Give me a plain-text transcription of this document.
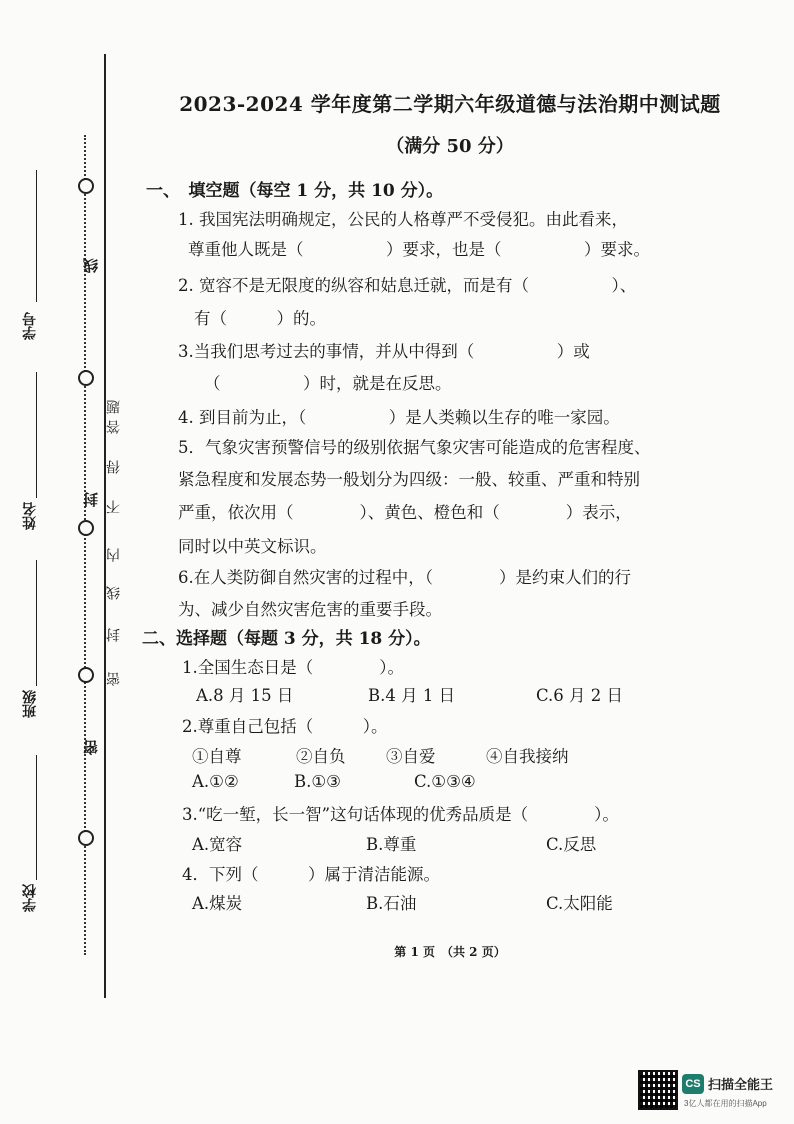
线
封
密
题
答
得
不
内
线
封
密
学号
姓名
班级
学校
2023-2024 学年度第二学期六年级道德与法治期中测试题
（满分 50 分）
一、　填空题（每空 1 分，共 10 分）。
1. 我国宪法明确规定，公民的人格尊严不受侵犯。由此看来，
尊重他人既是（　　　　　）要求，也是（　　　　　）要求。
2. 宽容不是无限度的纵容和姑息迁就，而是有（　　　　　）、
有（　　　）的。
3.当我们思考过去的事情，并从中得到（　　　　　）或
（　　　　　）时，就是在反思。
4. 到目前为止，（　　　　　）是人类赖以生存的唯一家园。
5．气象灾害预警信号的级别依据气象灾害可能造成的危害程度、
紧急程度和发展态势一般划分为四级：一般、较重、严重和特别
严重，依次用（　　　　）、黄色、橙色和（　　　　）表示，
同时以中英文标识。
6.在人类防御自然灾害的过程中，（　　　　）是约束人们的行
为、减少自然灾害危害的重要手段。
二、选择题（每题 3 分，共 18 分）。
1.全国生态日是（　　　　）。
A.8 月 15 日	B.4 月 1 日	C.6 月 2 日
2.尊重自己包括（　　　）。
①自尊	②自负 ③自爱	④自我接纳
A.①②	B.①③	C.①③④
3.“吃一堑，长一智”这句话体现的优秀品质是（　　　　）。
A.宽容	B.尊重	C.反思
4．下列（　　　）属于清洁能源。
A.煤炭	B.石油	C.太阳能
第 1 页　（共 2 页）
CS 扫描全能王
3亿人都在用的扫描App
